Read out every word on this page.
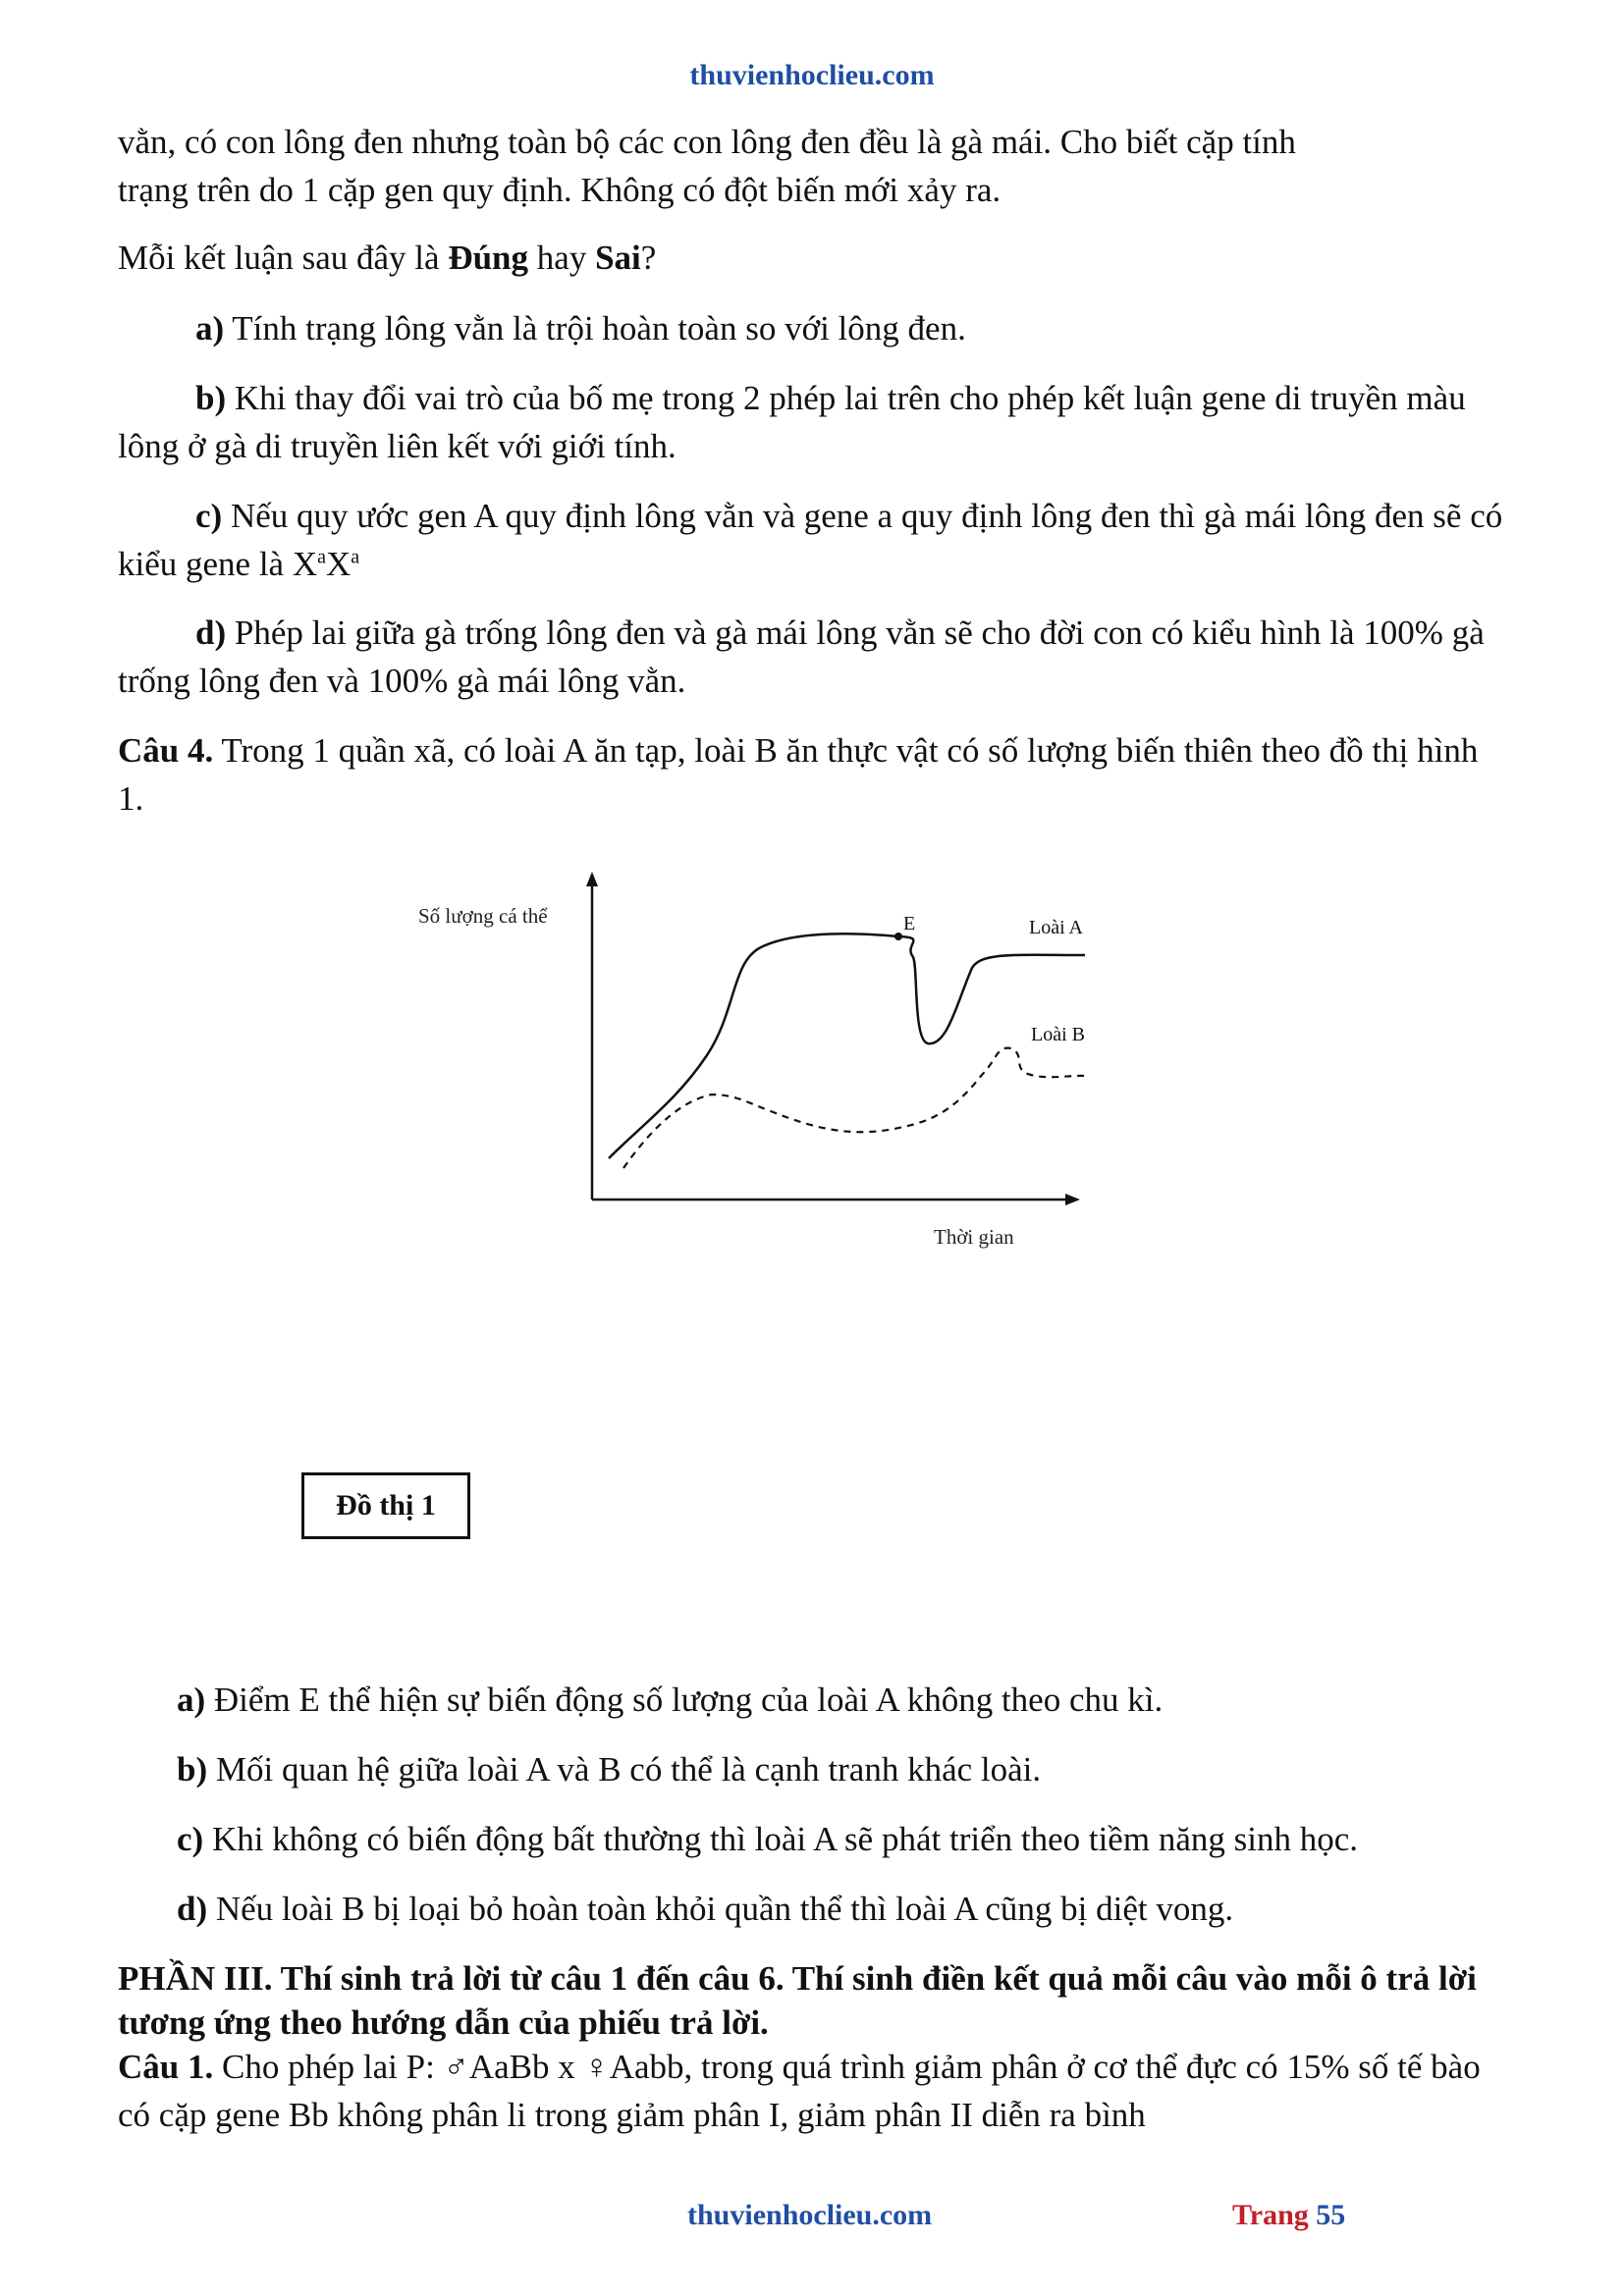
thuvienhoclieu.com

vằn, có con lông đen nhưng toàn bộ các con lông đen đều là gà mái. Cho biết cặp tính
trạng trên do 1 cặp gen quy định. Không có đột biến mới xảy ra.

Mỗi kết luận sau đây là Đúng hay Sai?

a) Tính trạng lông vằn là trội hoàn toàn so với lông đen.

b) Khi thay đổi vai trò của bố mẹ trong 2 phép lai trên cho phép kết luận gene di truyền màu lông ở gà di truyền liên kết với giới tính.

c) Nếu quy ước gen A quy định lông vằn và gene a quy định lông đen thì gà mái lông đen sẽ có kiểu gene là $X^aX^a$

d) Phép lai giữa gà trống lông đen và gà mái lông vằn sẽ cho đời con có kiểu hình là 100% gà trống lông đen và 100% gà mái lông vằn.

Câu 4. Trong 1 quần xã, có loài A ăn tạp, loài B ăn thực vật có số lượng biến thiên theo đồ thị hình 1.

Số lượng cá thể
Thời gian
E	Loài A
Loài B
Đồ thị 1

a) Điểm E thể hiện sự biến động số lượng của loài A không theo chu kì.

b) Mối quan hệ giữa loài A và B có thể là cạnh tranh khác loài.

c) Khi không có biến động bất thường thì loài A sẽ phát triển theo tiềm năng sinh học.

d) Nếu loài B bị loại bỏ hoàn toàn khỏi quần thể thì loài A cũng bị diệt vong.

PHẦN III. Thí sinh trả lời từ câu 1 đến câu 6. Thí sinh điền kết quả mỗi câu vào mỗi ô trả lời tương ứng theo hướng dẫn của phiếu trả lời.

Câu 1. Cho phép lai P: ♂AaBb x ♀Aabb, trong quá trình giảm phân ở cơ thể đực có 15% số tế bào có cặp gene Bb không phân li trong giảm phân I, giảm phân II diễn ra bình

thuvienhoclieu.com	Trang 55
